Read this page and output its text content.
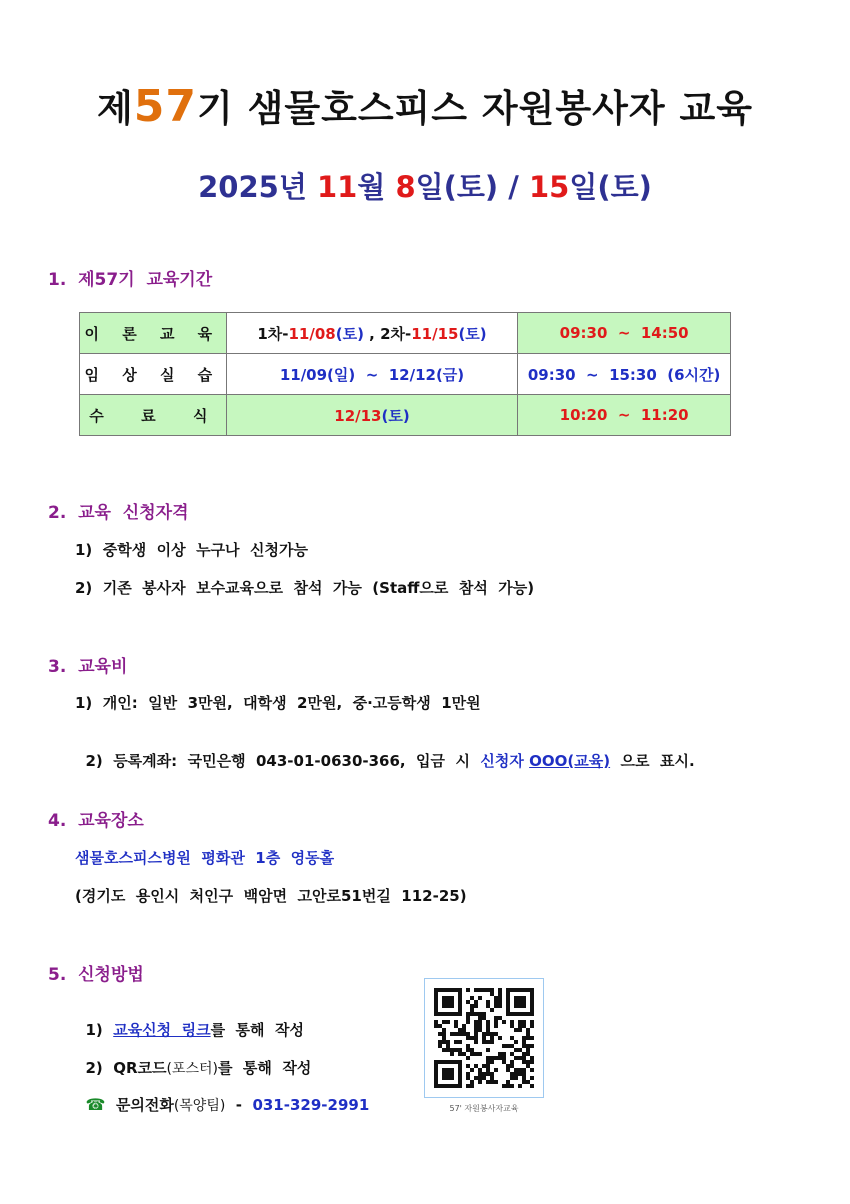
제57기 샘물호스피스 자원봉사자 교육
2025년 11월 8일(토) / 15일(토)
1.  제57기  교육기간
이 론 교 육	1차-11/08(토) , 2차-11/15(토)	09:30  ~  14:50
임 상 실 습	11/09(일)  ~  12/12(금)	09:30  ~  15:30  (6시간)
수  료  식	12/13(토)	10:20  ~  11:20
2.  교육  신청자격
1)  중학생  이상  누구나  신청가능
2)  기존  봉사자  보수교육으로  참석  가능  (Staff으로  참석  가능)
3.  교육비
1)  개인:  일반  3만원,  대학생  2만원,  중·고등학생  1만원

2)  등록계좌:  국민은행  043-01-0630-366,  입금  시  신청자 OOO(교육)  으로  표시.

4.  교육장소
샘물호스피스병원  평화관  1층  영동홀
(경기도  용인시  처인구  백암면  고안로51번길  112-25)
5.  신청방법

1)  교육신청  링크를  통해  작성

2)  QR코드(포스터)를  통해  작성

☎ 문의전화(목양팀)  -  031-329-2991	57' 자원봉사자교육
